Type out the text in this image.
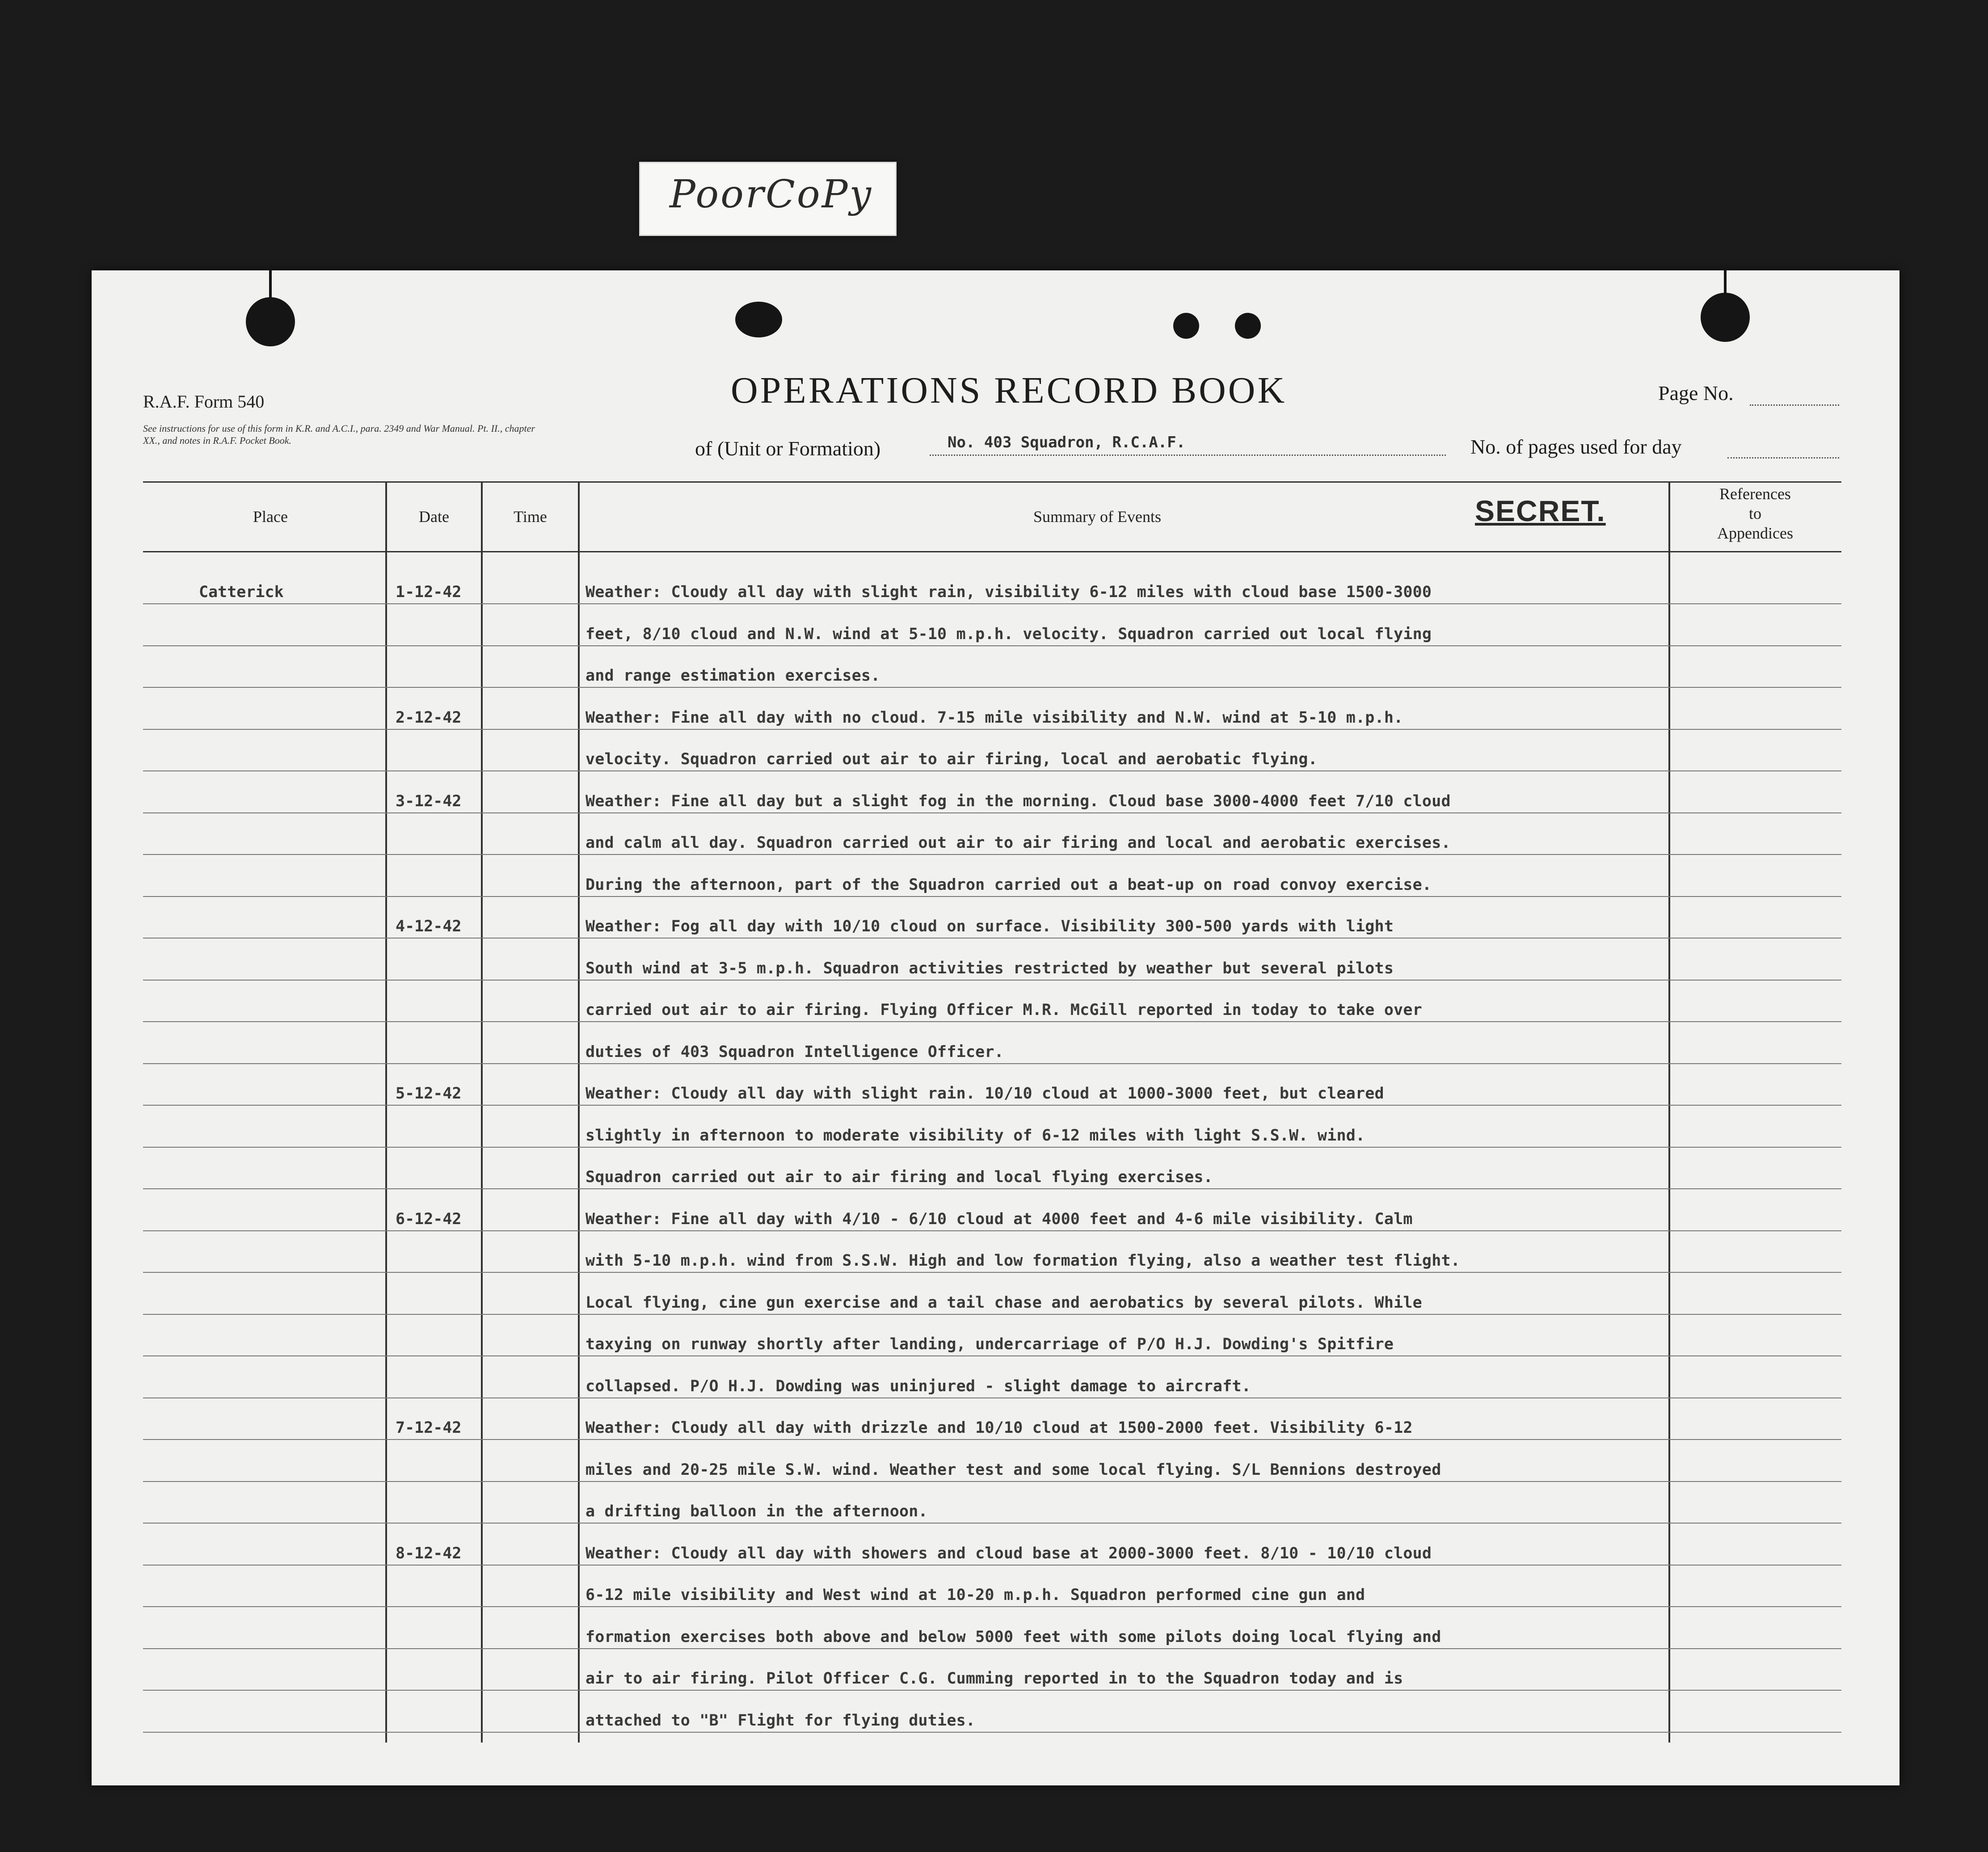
PoorCoPy
R.A.F. Form 540
See instructions for use of this form in K.R. and A.C.I., para. 2349 and War Manual. Pt. II., chapter XX., and notes in R.A.F. Pocket Book.
OPERATIONS RECORD BOOK
of (Unit or Formation)	No. 403 Squadron, R.C.A.F.
Page No.
No. of pages used for day
Place	Date	Time	Summary of Events	SECRET.
References
to
Appendices
Catterick	1-12-42	Weather: Cloudy all day with slight rain, visibility 6-12 miles with cloud base 1500-3000
feet, 8/10 cloud and N.W. wind at 5-10 m.p.h. velocity. Squadron carried out local flying
and range estimation exercises.
2-12-42	Weather: Fine all day with no cloud. 7-15 mile visibility and N.W. wind at 5-10 m.p.h.
velocity. Squadron carried out air to air firing, local and aerobatic flying.
3-12-42	Weather: Fine all day but a slight fog in the morning. Cloud base 3000-4000 feet 7/10 cloud
and calm all day. Squadron carried out air to air firing and local and aerobatic exercises.
During the afternoon, part of the Squadron carried out a beat-up on road convoy exercise.
4-12-42	Weather: Fog all day with 10/10 cloud on surface. Visibility 300-500 yards with light
South wind at 3-5 m.p.h. Squadron activities restricted by weather but several pilots
carried out air to air firing. Flying Officer M.R. McGill reported in today to take over
duties of 403 Squadron Intelligence Officer.
5-12-42	Weather: Cloudy all day with slight rain. 10/10 cloud at 1000-3000 feet, but cleared
slightly in afternoon to moderate visibility of 6-12 miles with light S.S.W. wind.
Squadron carried out air to air firing and local flying exercises.
6-12-42	Weather: Fine all day with 4/10 - 6/10 cloud at 4000 feet and 4-6 mile visibility. Calm
with 5-10 m.p.h. wind from S.S.W. High and low formation flying, also a weather test flight.
Local flying, cine gun exercise and a tail chase and aerobatics by several pilots. While
taxying on runway shortly after landing, undercarriage of P/O H.J. Dowding's Spitfire
collapsed. P/O H.J. Dowding was uninjured - slight damage to aircraft.
7-12-42	Weather: Cloudy all day with drizzle and 10/10 cloud at 1500-2000 feet. Visibility 6-12
miles and 20-25 mile S.W. wind. Weather test and some local flying. S/L Bennions destroyed
a drifting balloon in the afternoon.
8-12-42	Weather: Cloudy all day with showers and cloud base at 2000-3000 feet. 8/10 - 10/10 cloud
6-12 mile visibility and West wind at 10-20 m.p.h. Squadron performed cine gun and
formation exercises both above and below 5000 feet with some pilots doing local flying and
air to air firing. Pilot Officer C.G. Cumming reported in to the Squadron today and is
attached to "B" Flight for flying duties.
